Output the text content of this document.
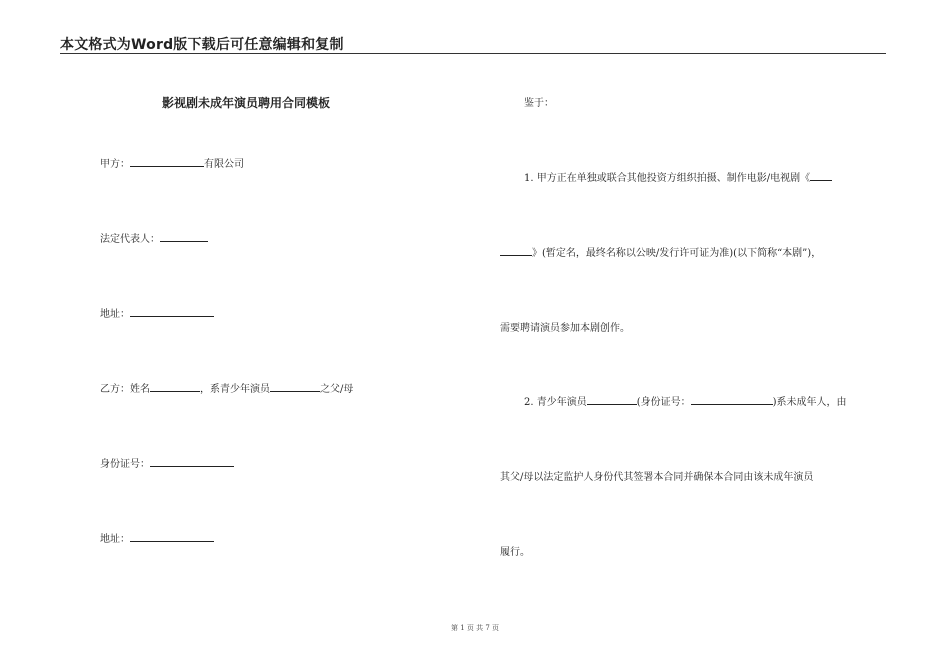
本文格式为Word版下载后可任意编辑和复制
影视剧未成年演员聘用合同模板
甲方：	有限公司
法定代表人：
地址：
乙方：姓名	，系青少年演员	之父/母
身份证号：
地址：
鉴于：
1. 甲方正在单独或联合其他投资方组织拍摄、制作电影/电视剧《
》(暂定名，最终名称以公映/发行许可证为准)(以下简称“本剧”)，
需要聘请演员参加本剧创作。
2. 青少年演员	(身份证号：	)系未成年人，由
其父/母以法定监护人身份代其签署本合同并确保本合同由该未成年演员
履行。
第 1 页 共 7 页
